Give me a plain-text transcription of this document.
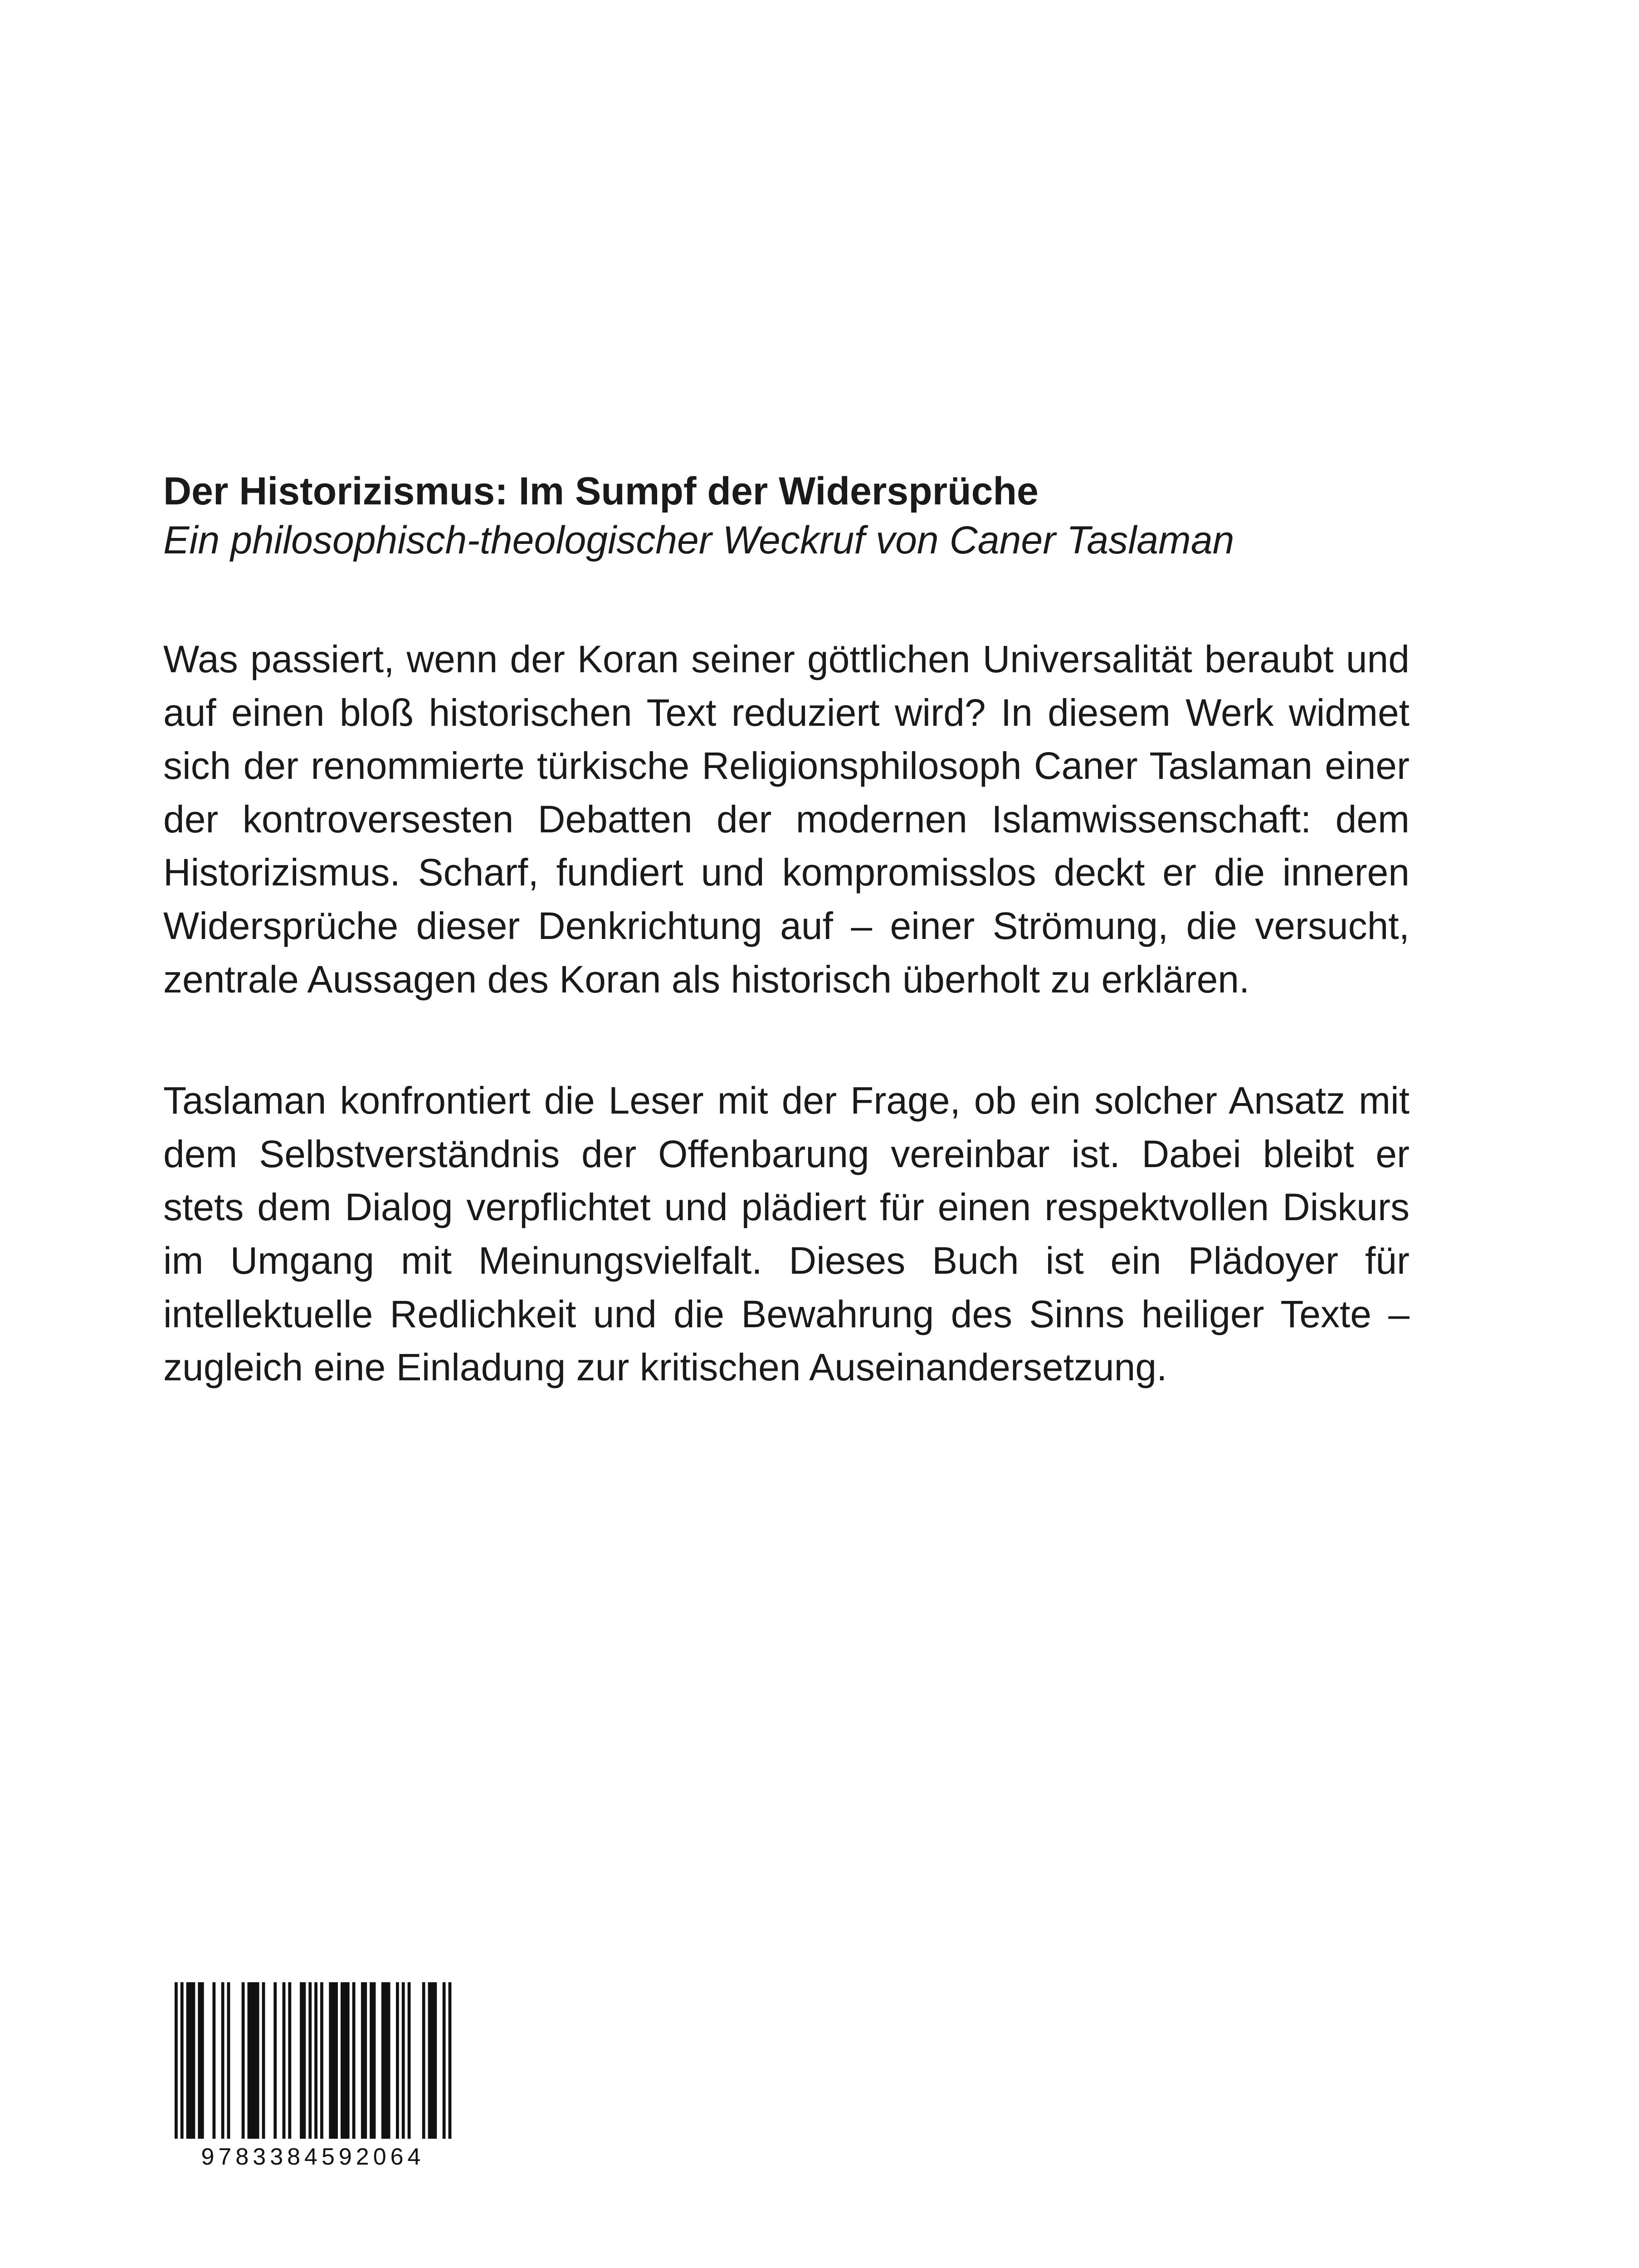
Der Historizismus: Im Sumpf der Widersprüche

Ein philosophisch-theologischer Weckruf von Caner Taslaman

Was passiert, wenn der Koran seiner göttlichen Universalität beraubt und auf einen bloß historischen Text reduziert wird? In diesem Werk widmet sich der renommierte türkische Religionsphilosoph Caner Taslaman einer der kontroversesten Debatten der modernen Islamwissenschaft: dem Historizismus. Scharf, fundiert und kompromisslos deckt er die inneren Widersprüche dieser Denkrichtung auf – einer Strömung, die versucht, zentrale Aussagen des Koran als historisch überholt zu erklären.

Taslaman konfrontiert die Leser mit der Frage, ob ein solcher Ansatz mit dem Selbstverständnis der Offenbarung vereinbar ist. Dabei bleibt er stets dem Dialog verpflichtet und plädiert für einen respektvollen Diskurs im Umgang mit Meinungsvielfalt. Dieses Buch ist ein Plädoyer für intellektuelle Redlichkeit und die Bewahrung des Sinns heiliger Texte – zugleich eine Einladung zur kritischen Auseinandersetzung.

9783384592064
